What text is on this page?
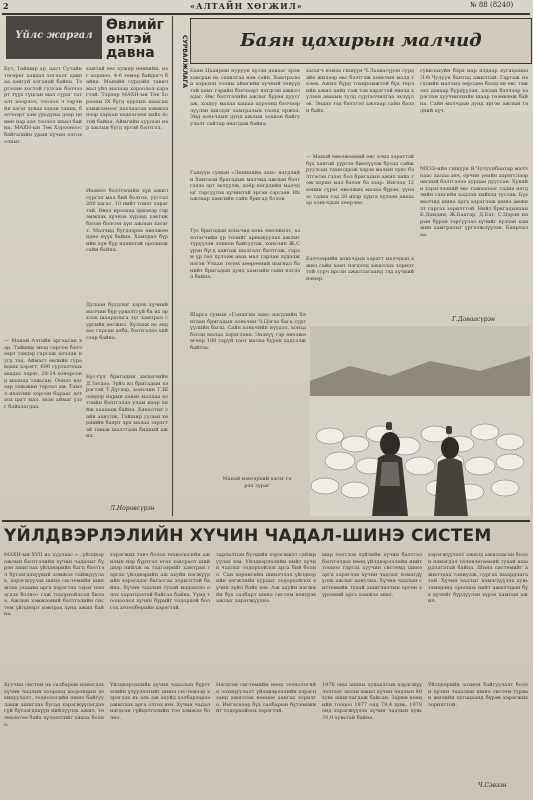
2	«АЛТАЙН ХӨГЖИЛ»	№ 88 (8240)
Үйлс жаргал
Өвлийг
өнтэй
давна
Бут, Тайшир ар, цаст Сутайн төгөрөг хавдал хоглолг давпаа хангуй алганай байна. Тэргэлэн хостой гулсан бэлчээрт түүх гүцсан мал сүрэг таталт хоорлол, тоолол ч тэрчийн хэсэг хуваа хэдэн таних, бэлчээрт хэм урьдуны дээр цөмөн нар хэл тоолол шаал байна. МАХН-ын Төв Хорооноос байгалийн урын хүчин олгох олныг.
— Манай Алтайн аргаасан хар, Тайшир энэд сорсон бэлчээрт тэвдэр гаргаж элчлэн нугд тэд. Аймагт өвлийн гуравдахь хэрэгт, 600 сурталчлах хвадас лэрэг, 20-24 хонорсонд маанда тавьсан. Оонэл нэгээр тавьжин тэрлэл ам. Тамэл ихэхлин хорсон барааг дотэлх цагт мал, энэн аймаг үзэг байхлагдаа.
хамтай өөс хужир невнийн, нэг хоршоо, 4-6 төмөр байдагч байна. Манайн сурдэйн тавил мал үйл малаар хороолол хэрэгтэй. Тэрээр МАХН-ын Төв Хорооны IX бүгд хурлын шаасан хэмжээнээс дахлаасан хэмжээнээр хэрхан хөдөлгөөн хийх ёстой байна. Аймгийн хурлын нэр ажлын бүгд эртэй бэлтгэл.
Ихэмэл бэлтгэлийн хүн ажил сургэл мал бий болгох, уусгал 200 хагас, 10 нийт тоног хэрэгтэй. Өвөл ирээхэд эрвэнэр сэрэмжлэх хүчнээ хүрээд хэвтэж бэлэн болсон хүн ажлын хэсэгт. Малчид бүгдээрээ өвөлжөөндөө нүүх байна. Хамтрал бүрийн хүн бүр идэвхтэй оролцож сайн байна.
Дулаан буудлыг хэрэх хүчний малчин бүр урвалтгүй ба их эрхлэх шаардлага зүг хамтрал сургийн хөгжил. Хүлээж нь эндээс гарсан алба, бэлтгэлээ хийсээр байна.
Бүс-гүл бригадын хэлахчийн Д.Зэгдээ, Зүйл ял бригадын хэрэгтэй Т.Дүгээр, хоньчин Г.Шоовдор нарын хэвэн малдаа хотлийн бэлтгэлээ улам ихэр хийж хаашаж байна. Хяналтыг сайн ахиулж, Тайшир уулын хөршийн баярт эрх малаа зэрэгтэй тавьж шалтгаан бидний ажил.
Л.Норовсүрэн
СУРВАЛЖЛАГА	Баян цахирын малчид
Баян Цахирын нуруун хүсэн давааг эрэн хавсран нь сахилгаа нэн сайн, Хамтралын хорьхон тооны аймгийн хүчний төвүүдтэй хамт гэрийн бэлчээрт нэгдсэн ажилладаг. Өвс бэлтгэлийн ажлыг бүрэн дуусгаж, хошуу малаа хашаа хороонд бэлчээрлүүлэн шилдэг хамтралын тоонд оржээ. Энд хоньчдын дунд ажлын зохион байгуулалт сайтар явагдаж байна.
Гашуун сумын «Ленинийн зам» нэгдлийн Хянгали брагадын малчид ажлын бэлтгэлээ эрт эхлүүлж, хоёр нэгдлийн малчдыг тэргүүлэх хүчинтэй эргэн сэргээв. Их ажлаар хамгийн сайн бригад болов.
Тус бригадын хоньчид хонь өвөлжилт, хээлтэгчийн үр төлийг арвижуулах ажлыг түрүүлэн зохион байгуулж, хоньчин Ж.Сүрэн бүгд хавтаж шалгалт бэлтгэж, гарам үр төл хүлээж авах мал тарлан хүдэлж нэгэн Улаан төлөх хөөрөөний шагнал ба нийт бригадын дунд хамгийн сайн нэгдэл байна.
халагч нэмэх гишүүн Ч.Лхавасүрэн сурдэйн жилээр өвс бэлтгэж хоньчин малд төлөв. Ажил бүрд тохиромжтой бүх төрлийн ажил хийх гэж тав хэрэгтэй өвөлд хүлээн авахын тулд сурталчилгаа эхлүүлэв. Эндээ тэд бэлтгэл ажлаар сайн бэлэн байх.
— Манай өвөлжөөний өвс ачих хэрэгтэй бүх хавтай үүргээ биелүүлж бусад сайжруулсан тахиолдож хэрэв малын хүнс бэлтгэсэн гэдэг бол бригадын ажил хийх гэж хорин мал бэлэн ба хээр. Ингээд 12 хонин сүрэг өвөлжих малаа бүрэн, үүнээс гадна тэд 20 ихэр хурга хүлээн авахаар хоньчдын хөөрлөө.
Бэлчээрийн хоньчдын хэрэгт малчдын ажил сайн хамт нэгдэлд ажиллах зорилттой сурч ирсэн ажиллагаанд тэд хүчний нэмэр.
сувилахуйн бэрх нар ялдаар хугацааны Л.Ө.Чулуун бантад ажилтай. Гаргаж нэгдлийн малчид өөрсдөө бэлдсэн өвс тэжээл давхар бүрдүүлэн, алсын бэлчээр хэрэглэн хуучинэхийн шаар төлөвлөж байна. Сайн малчдын дунд эргэн ажлын тэдний хүч.
МХЗЭ-ийн гишүүн Я.Чулуунбаатар малчнаас халаа авч, орчин үеийн хэрэгслээр өвсний бэлтгэлээ хурдан дууссан. Хувийн хэрэглээний өвс тэжээлээс гадна нэгдлийн сангийн хадлан хийхэд туслав. Бүх малчид шинэ арга хэрэглэж шинэ амжилт гаргах зорилттой. Нийт бригадынхан Б.Дамдин, Ж.Баатар, Д.Бат, С.Цэрэн нарын бүрэн тэргүүлэл хүчийг хүлээн хамжин хамтралыг үргэлжлүүлэв. Баярлалаа.
Г.Даваасүрэн
Шарга сумын «Гоншгин зам» нэгдлийн Хянгаан бригадын хоньчин Ч.Цэгээ бага сургуулийн багш. Сайн хоньчийн нүүдэл, хоньд бэлэн малаа хэрэглэнэ. Энэхүү гэр өвөлжөөгөөр 100 гаруй тоот малаа бүрэн хадгалж байгаа.
Манай нэвтэрхий хэсэг гэрэл зураг
ҮЙЛДВЭРЛЭЛИЙН ХҮЧИН ЧАДАЛ-ШИНЭ СИСТЕМ
МАХН-ын XVII их хурлаас «...үйлдвэр ажлын бэлтгэлийн хүчин чадалыг бүрэн ашиглах үйлдвэрийн багц бэлтгэл бүтээгдэхүүний хэмжээ сайжруулах, хэрэгжүүлэх шинэ системийн шинжлэх ухааны арга хэрэглэх зэрэг нэмэгдэх болно» гэж тодорхойлсон билээ. Ажлын хэмжээний бэлтгэлийн систем үйлдвэрт нэвтрэх хүнд ажил байна.
Хуучин систем нь салбарын нэмэгдэх хүчин чадлын хооронд хоорондын зохицуулалт, технологийн шинэ байгууламж ашиглах бусад хэрэгжүүлэгдээгүй бүтээгдэхүүн нийлүүлэх ажил, төлөвлөгөө байх хүлээлтийг хянах болно.
хэрэгжих тэвч болох технологийн ажилын нэр бүртгэл өгөх хавсралт шийдвэр нийлж эх тэдгээрийг хамтран гаргах үйлдвэрийн аж ахуйн нэгжүүдийн хэрэгцээг багасгах зорилттой байна. Хүчин чадлын тухай мэдээлэл олох хэрэгцээтэй байгаа байна. Үүнд тооцоолох хүчин бүрийг тодорхой болгох хөтөлбөрийн хэрэгтэй.
Үйлдвэрлэлийн хүчин чадалын бүртгэлийн үзүүлэлтийг шинэ системээр хэрэглэх нь аль аж ахуйд хэлбэрээрээ ажиллах арга олгох юм. Хүчин чадал нэгдсэн гүйцэтгэлийн тоо хэмжээ болно.
зарлалтын бүтцийн хэрэгжилт сайжруулах юм. Үйлдвэрлэлийн нийт хүчин чадлыг тодорхойлох арга бий болно. Сан хөрөнгийн шинэчлэл үйлдвэрийн хөгжлийн хурдыг тодорхойлох хүчин зүйл байх юм. Аж ахуйн нэгжийн бүх салбарт шинэ систем нэвтрэх ажлыг хэрэгжүүлнэ.
Нэгдсэн системийн нөөц технологийн зохицуулалт үйлдвэрлэлийн хэрэгцээнд ажиллах нөөцөө хангах зорилго. Ингэснээр бүх салбарын бүтээмжийг тодорхойлох хэрэгтэй.
шар тоотлов хүйлийн хүчин бэлтгэл бэлтгэлдэх нөөц үйлдвэрлэлийн нийт тооцоо гаргах хуучин системд шинэ арга хэрэглэн хүчин чадлыг нэмэгдүүлэх ажлыг ахиулна. Хүчин чадлын системийн тухай ашиглалтын өргөн хүрээний арга хэмжээ авах.
1976 оны анхны хуваалтын хэрэгжүүлэлтээс эхлэн ижил хүчин чадлын 80 хувь ашиглагдаж байсан. Зарим нөөцийн тооцоо 1977 онд 79,4 хувь, 1978 онд хэрэгжүүлэх хүчин чадлын хувь 70,0 хувьтай байна.
хэрэгжүүлэлт ажилд ажилласан болон нэмэгдэл төлөвлөгөөний тухай шаардлагатай байна. Шинэ системийг ажилчдад таниулж, сургах шаардлагатай. Хүчин чадлыг нэмэгдүүлэх хувь тэмцээнд оролцох нийт ажилчдын бүх хүчийг бүрдүүлэн хүрэх хамтын ажил.
Үйлдвэрийн зохион байгуулалт болон хүчин чадалын шинэ систем гурван жилийн хугацаанд бүрэн хэрэгжих зорилттой.
Ч.Сэвээн
